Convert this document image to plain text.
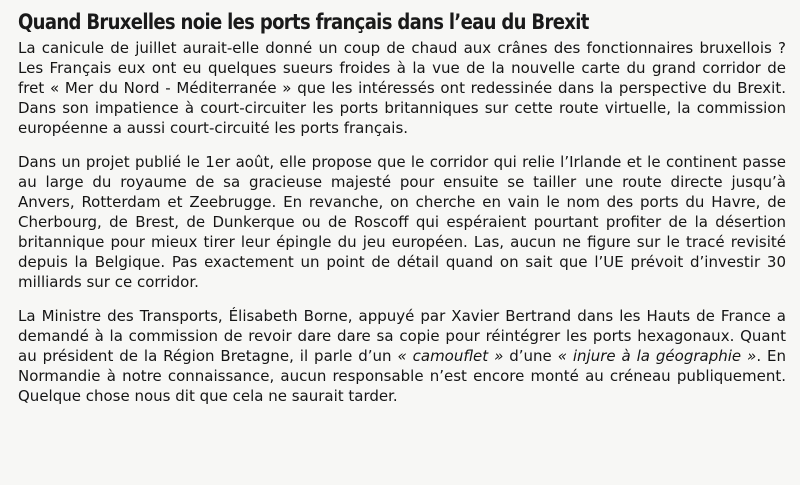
Quand Bruxelles noie les ports français dans l’eau du Brexit

La canicule de juillet aurait-elle donné un coup de chaud aux crânes des fonctionnaires bruxellois ? Les Français eux ont eu quelques sueurs froides à la vue de la nouvelle carte du grand corridor de fret « Mer du Nord - Méditerranée » que les intéressés ont redessinée dans la perspective du Brexit. Dans son impatience à court-circuiter les ports britanniques sur cette route virtuelle, la commission européenne a aussi court-circuité les ports français.

Dans un projet publié le 1er août, elle propose que le corridor qui relie l’Irlande et le continent passe au large du royaume de sa gracieuse majesté pour ensuite se tailler une route directe jusqu’à Anvers, Rotterdam et Zeebrugge. En revanche, on cherche en vain le nom des ports du Havre, de Cherbourg, de Brest, de Dunkerque ou de Roscoff qui espéraient pourtant profiter de la désertion britannique pour mieux tirer leur épingle du jeu européen. Las, aucun ne figure sur le tracé revisité depuis la Belgique. Pas exactement un point de détail quand on sait que l’UE prévoit d’investir 30 milliards sur ce corridor.

La Ministre des Transports, Élisabeth Borne, appuyé par Xavier Bertrand dans les Hauts de France a demandé à la commission de revoir dare dare sa copie pour réintégrer les ports hexagonaux. Quant au président de la Région Bretagne, il parle d’un « camouflet » d’une « injure à la géographie ». En Normandie à notre connaissance, aucun responsable n’est encore monté au créneau publiquement. Quelque chose nous dit que cela ne saurait tarder.
